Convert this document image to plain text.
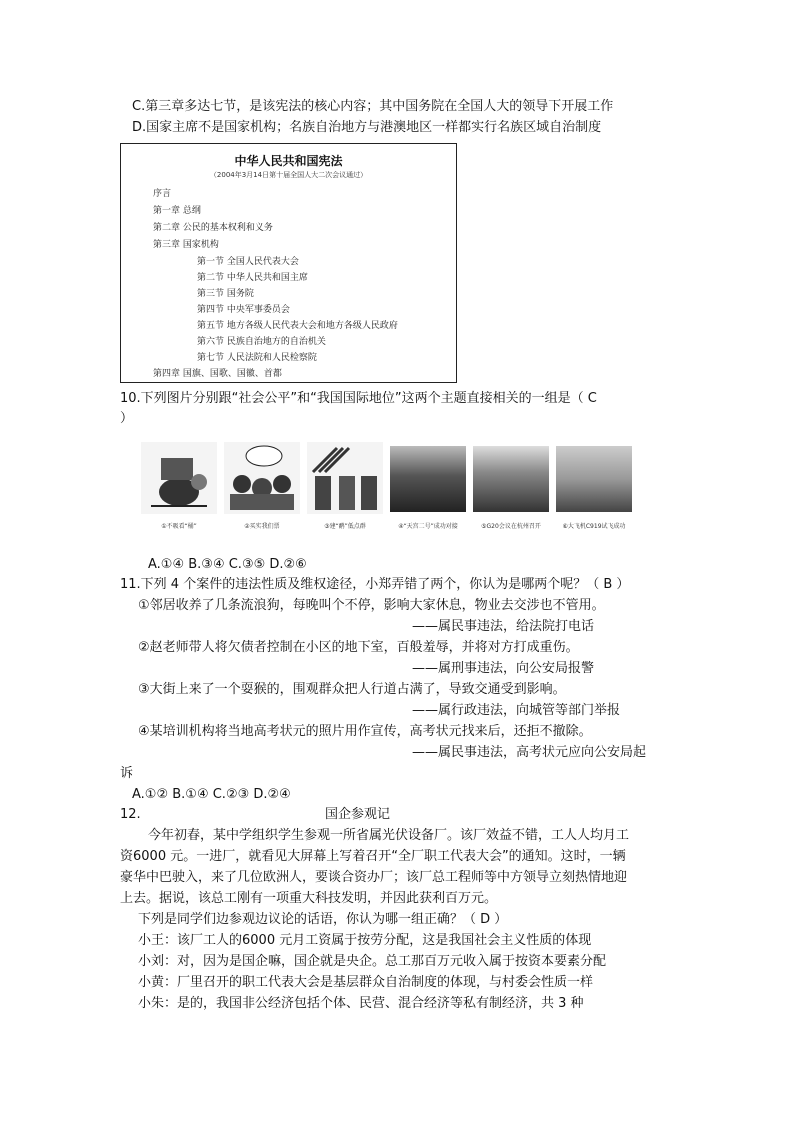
C.第三章多达七节，是该宪法的核心内容；其中国务院在全国人大的领导下开展工作
D.国家主席不是国家机构；名族自治地方与港澳地区一样都实行名族区域自治制度
中华人民共和国宪法
（2004年3月14日第十届全国人大二次会议通过）
序言
第一章 总纲
第二章 公民的基本权利和义务
第三章 国家机构
第一节 全国人民代表大会
第二节 中华人民共和国主席
第三节 国务院
第四节 中央军事委员会
第五节 地方各级人民代表大会和地方各级人民政府
第六节 民族自治地方的自治机关
第七节 人民法院和人民检察院
第四章 国旗、国歌、国徽、首都
10.下列图片分别跟“社会公平”和“我国国际地位”这两个主题直接相关的一组是（ C
）
①不吸看“桶”	②买实我们票	③建“鹬”低点群	④“天宫二号”成功对接	⑤G20会议在杭州召开	⑥大飞机C919试飞成功
A.①④ B.③④ C.③⑤ D.②⑥
11.下列 4 个案件的违法性质及维权途径，小郑弄错了两个，你认为是哪两个呢？（ B ）
①邻居收养了几条流浪狗，每晚叫个不停，影响大家休息，物业去交涉也不管用。
——属民事违法，给法院打电话
②赵老师带人将欠债者控制在小区的地下室，百般羞辱，并将对方打成重伤。
——属刑事违法，向公安局报警
③大街上来了一个耍猴的，围观群众把人行道占满了，导致交通受到影响。
——属行政违法，向城管等部门举报
④某培训机构将当地高考状元的照片用作宣传，高考状元找来后，还拒不撤除。
——属民事违法，高考状元应向公安局起
诉
A.①② B.①④ C.②③ D.②④
12.	国企参观记
今年初春，某中学组织学生参观一所省属光伏设备厂。该厂效益不错，工人人均月工
资6000 元。一进厂，就看见大屏幕上写着召开“全厂职工代表大会”的通知。这时，一辆
豪华中巴驶入，来了几位欧洲人，要谈合资办厂；该厂总工程师等中方领导立刻热情地迎
上去。据说，该总工刚有一项重大科技发明，并因此获利百万元。
下列是同学们边参观边议论的话语，你认为哪一组正确？（ D ）
小王：该厂工人的6000 元月工资属于按劳分配，这是我国社会主义性质的体现
小刘：对，因为是国企嘛，国企就是央企。总工那百万元收入属于按资本要素分配
小黄：厂里召开的职工代表大会是基层群众自治制度的体现，与村委会性质一样
小朱：是的，我国非公经济包括个体、民营、混合经济等私有制经济，共 3 种
